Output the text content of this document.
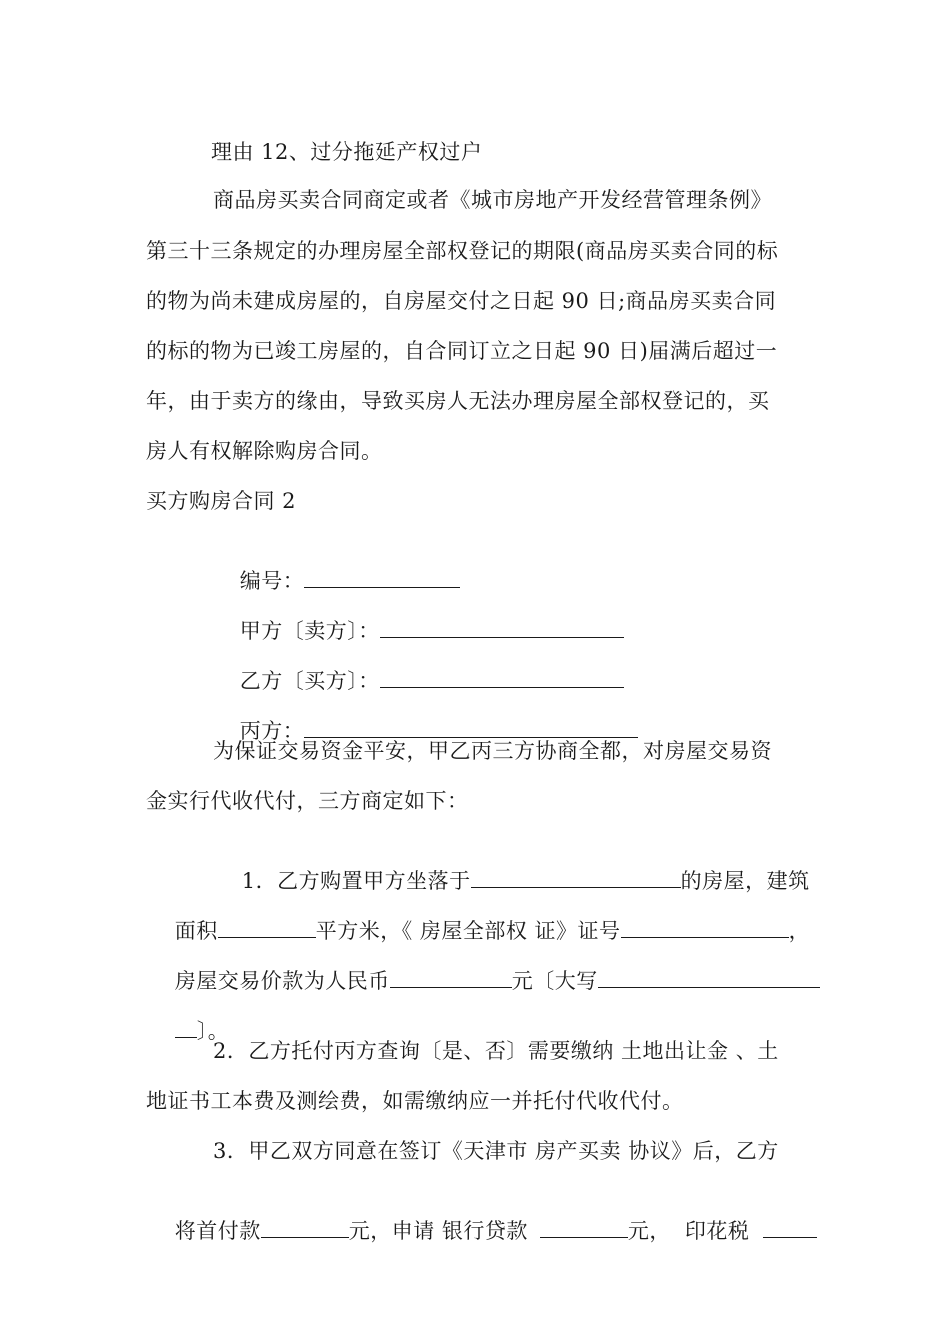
理由 12、过分拖延产权过户
商品房买卖合同商定或者《城市房地产开发经营管理条例》
第三十三条规定的办理房屋全部权登记的期限(商品房买卖合同的标
的物为尚未建成房屋的，自房屋交付之日起 90 日;商品房买卖合同
的标的物为已竣工房屋的，自合同订立之日起 90 日)届满后超过一
年，由于卖方的缘由，导致买房人无法办理房屋全部权登记的，买
房人有权解除购房合同。
买方购房合同 2

编号：

甲方〔卖方〕：

乙方〔买方〕：

丙方：

为保证交易资金平安，甲乙丙三方协商全都，对房屋交易资
金实行代收代付，三方商定如下：

1．乙方购置甲方坐落于	的房屋，建筑

面积	平方米，《 房屋全部权 证》证号	，

房屋交易价款为人民币	元〔大写

〕。

2．乙方托付丙方查询〔是、否〕需要缴纳 土地出让金 、土
地证书工本费及测绘费，如需缴纳应一并托付代收代付。
3．甲乙双方同意在签订《天津市 房产买卖 协议》后，乙方

将首付款	元，申请 银行贷款	元， 印花税
